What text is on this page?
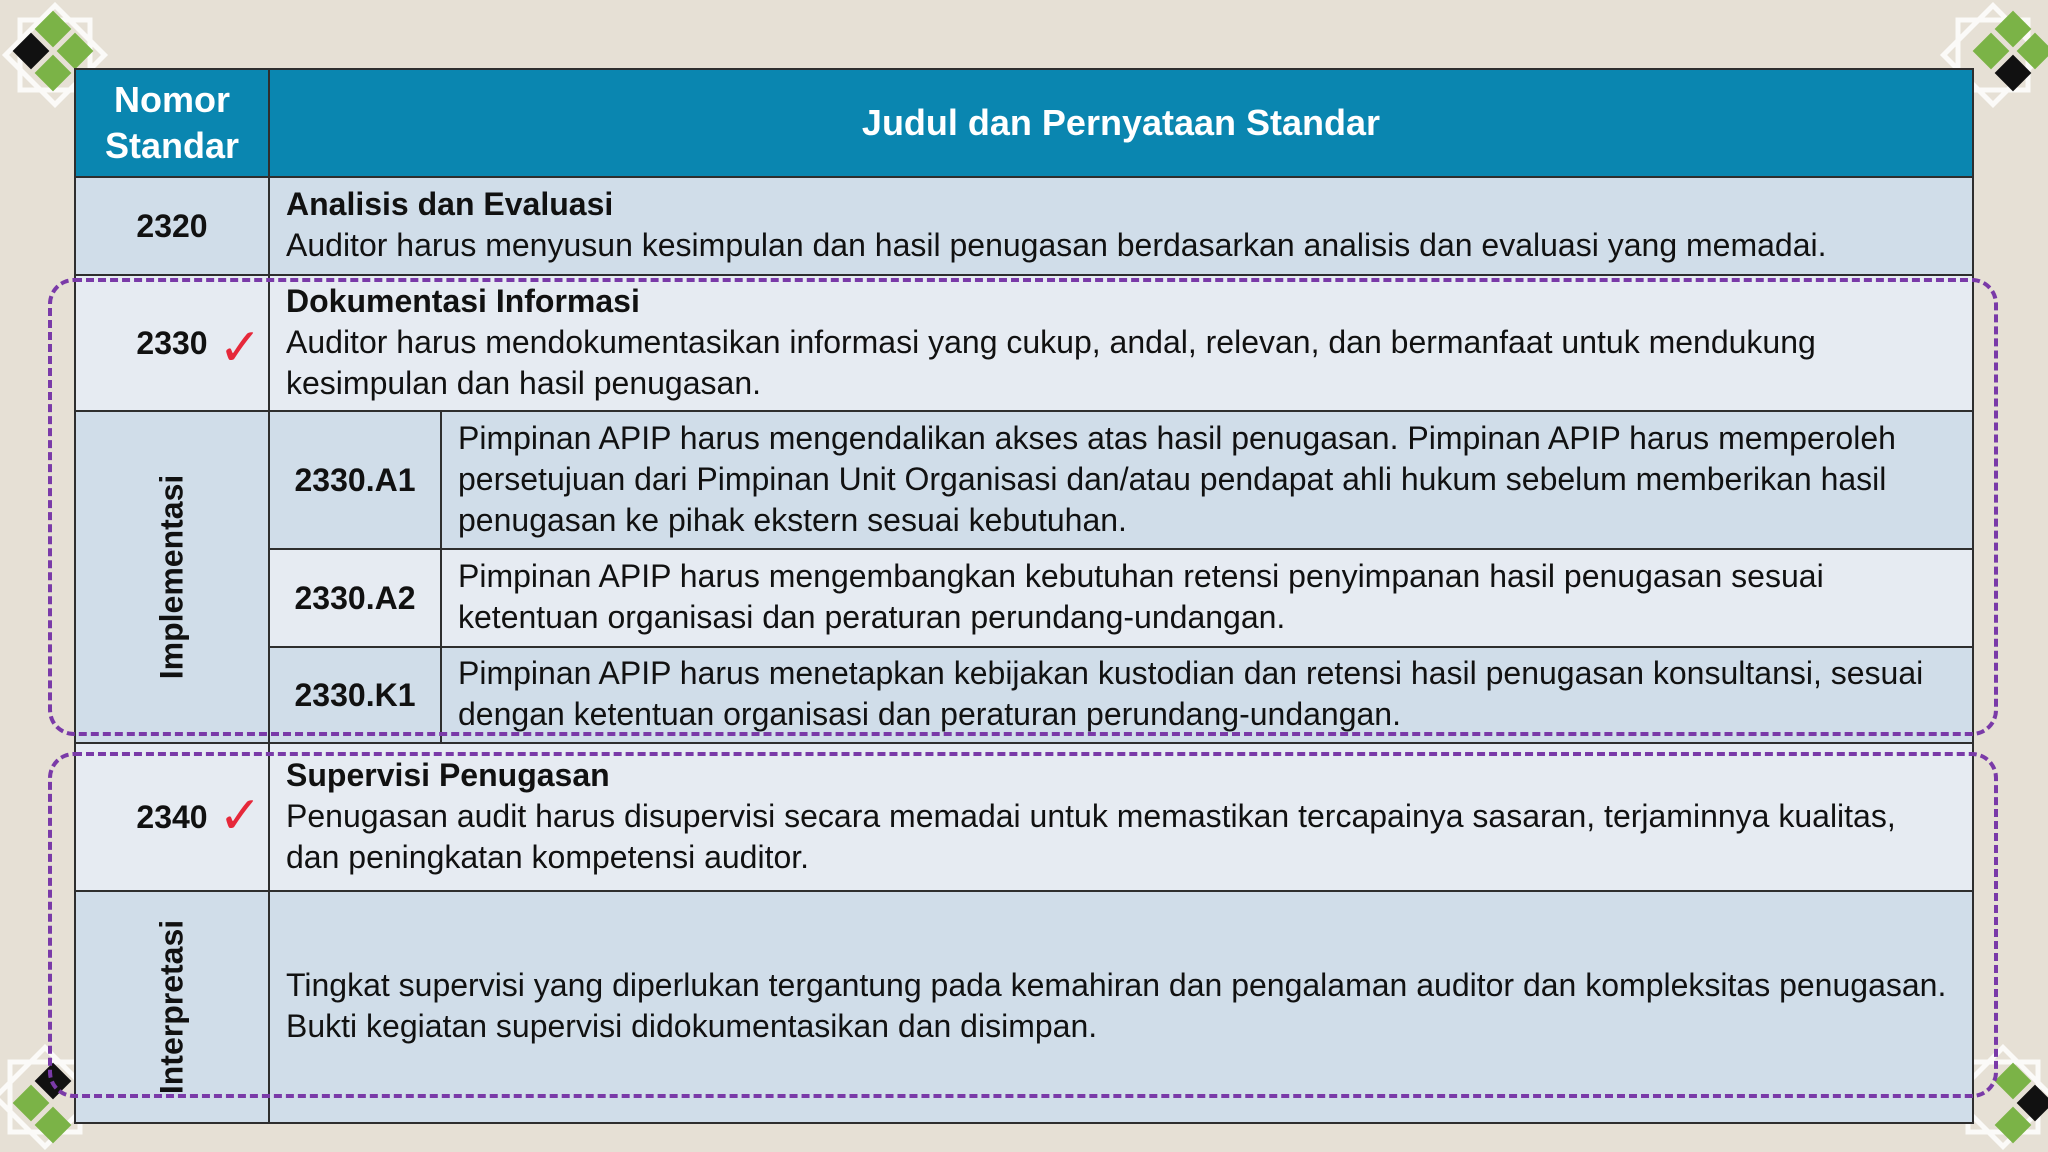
Nomor Standar	Judul dan Pernyataan Standar	
2320	Analisis dan Evaluasi
Auditor harus menyusun kesimpulan dan hasil penugasan berdasarkan analisis dan evaluasi yang memadai.	

2330 ✓	Dokumentasi Informasi
Auditor harus mendokumentasikan informasi yang cukup, andal, relevan, dan bermanfaat untuk mendukung kesimpulan dan hasil penugasan.	

Implementasi	2330.A1	Pimpinan APIP harus mengendalikan akses atas hasil penugasan. Pimpinan APIP harus memperoleh persetujuan dari Pimpinan Unit Organisasi dan/atau pendapat ahli hukum sebelum memberikan hasil penugasan ke pihak ekstern sesuai kebutuhan.

	2330.A2	Pimpinan APIP harus mengembangkan kebutuhan retensi penyimpanan hasil penugasan sesuai ketentuan organisasi dan peraturan perundang-undangan.

	2330.K1	Pimpinan APIP harus menetapkan kebijakan kustodian dan retensi hasil penugasan konsultansi, sesuai dengan ketentuan organisasi dan peraturan perundang-undangan.

2340 ✓	Supervisi Penugasan
Penugasan audit harus disupervisi secara memadai untuk memastikan tercapainya sasaran, terjaminnya kualitas, dan peningkatan kompetensi auditor.	

Interpretasi	Tingkat supervisi yang diperlukan tergantung pada kemahiran dan pengalaman auditor dan kompleksitas penugasan. Bukti kegiatan supervisi didokumentasikan dan disimpan.	
